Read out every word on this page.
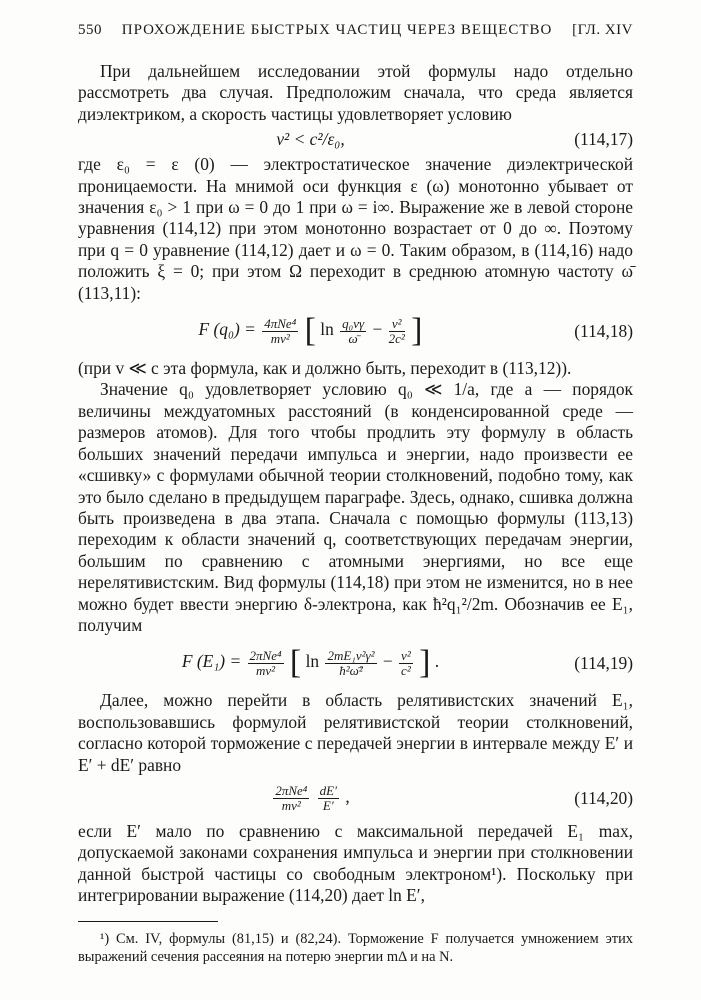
550 ПРОХОЖДЕНИЕ БЫСТРЫХ ЧАСТИЦ ЧЕРЕЗ ВЕЩЕСТВО [ГЛ. XIV

При дальнейшем исследовании этой формулы надо отдельно рассмотреть два случая. Предположим сначала, что среда является диэлектриком, а скорость частицы удовлетворяет условию

v² < c²/ε₀,	(114,17)

где ε₀ = ε (0) — электростатическое значение диэлектрической проницаемости. На мнимой оси функция ε (ω) монотонно убывает от значения ε₀ > 1 при ω = 0 до 1 при ω = i∞. Выражение же в левой стороне уравнения (114,12) при этом монотонно возрастает от 0 до ∞. Поэтому при q = 0 уравнение (114,12) дает и ω = 0. Таким образом, в (114,16) надо положить ξ = 0; при этом Ω переходит в среднюю атомную частоту ω̄ (113,11):

F $(q_0) = \frac{\text{4πNe⁴}}{\text{mv²}}$ [ $\ln \frac{\text{q₀vγ}}{\omegā} - \frac{\text{v²}}{\text{2c²}}$ ]	(114,18)

(при v ≪ c эта формула, как и должно быть, переходит в (113,12)).

Значение q₀ удовлетворяет условию q₀ ≪ 1/a, где a — порядок величины междуатомных расстояний (в конденсированной среде — размеров атомов). Для того чтобы продлить эту формулу в область больших значений передачи импульса и энергии, надо произвести ее «сшивку» с формулами обычной теории столкновений, подобно тому, как это было сделано в предыдущем параграфе. Здесь, однако, сшивка должна быть произведена в два этапа. Сначала с помощью формулы (113,13) переходим к области значений q, соответствующих передачам энергии, большим по сравнению с атомными энергиями, но все еще нерелятивистским. Вид формулы (114,18) при этом не изменится, но в нее можно будет ввести энергию δ-электрона, как ħ²q₁²/2m. Обозначив ее E₁, получим

F $(E_1) = \frac{\text{2πNe⁴}}{\text{mv²}}$ [ $\ln \frac{\text{2mE₁v²γ²}}{\text{ħ²ω̄²}} - \frac{\text{v²}}{\text{c²}}$ ] .	(114,19)

Далее, можно перейти в область релятивистских значений E₁, воспользовавшись формулой релятивистской теории столкновений, согласно которой торможение с передачей энергии в интервале между E′ и E′ + dE′ равно

$\frac{\text{2πNe⁴}}{\text{mv²}}$
$\frac{dE'}{E'}$ ,	(114,20)

если E′ мало по сравнению с максимальной передачей E₁ max, допускаемой законами сохранения импульса и энергии при столкновении данной быстрой частицы со свободным электроном¹). Поскольку при интегрировании выражение (114,20) дает ln E′,

¹) См. IV, формулы (81,15) и (82,24). Торможение F получается умножением этих выражений сечения рассеяния на потерю энергии mΔ и на N.
